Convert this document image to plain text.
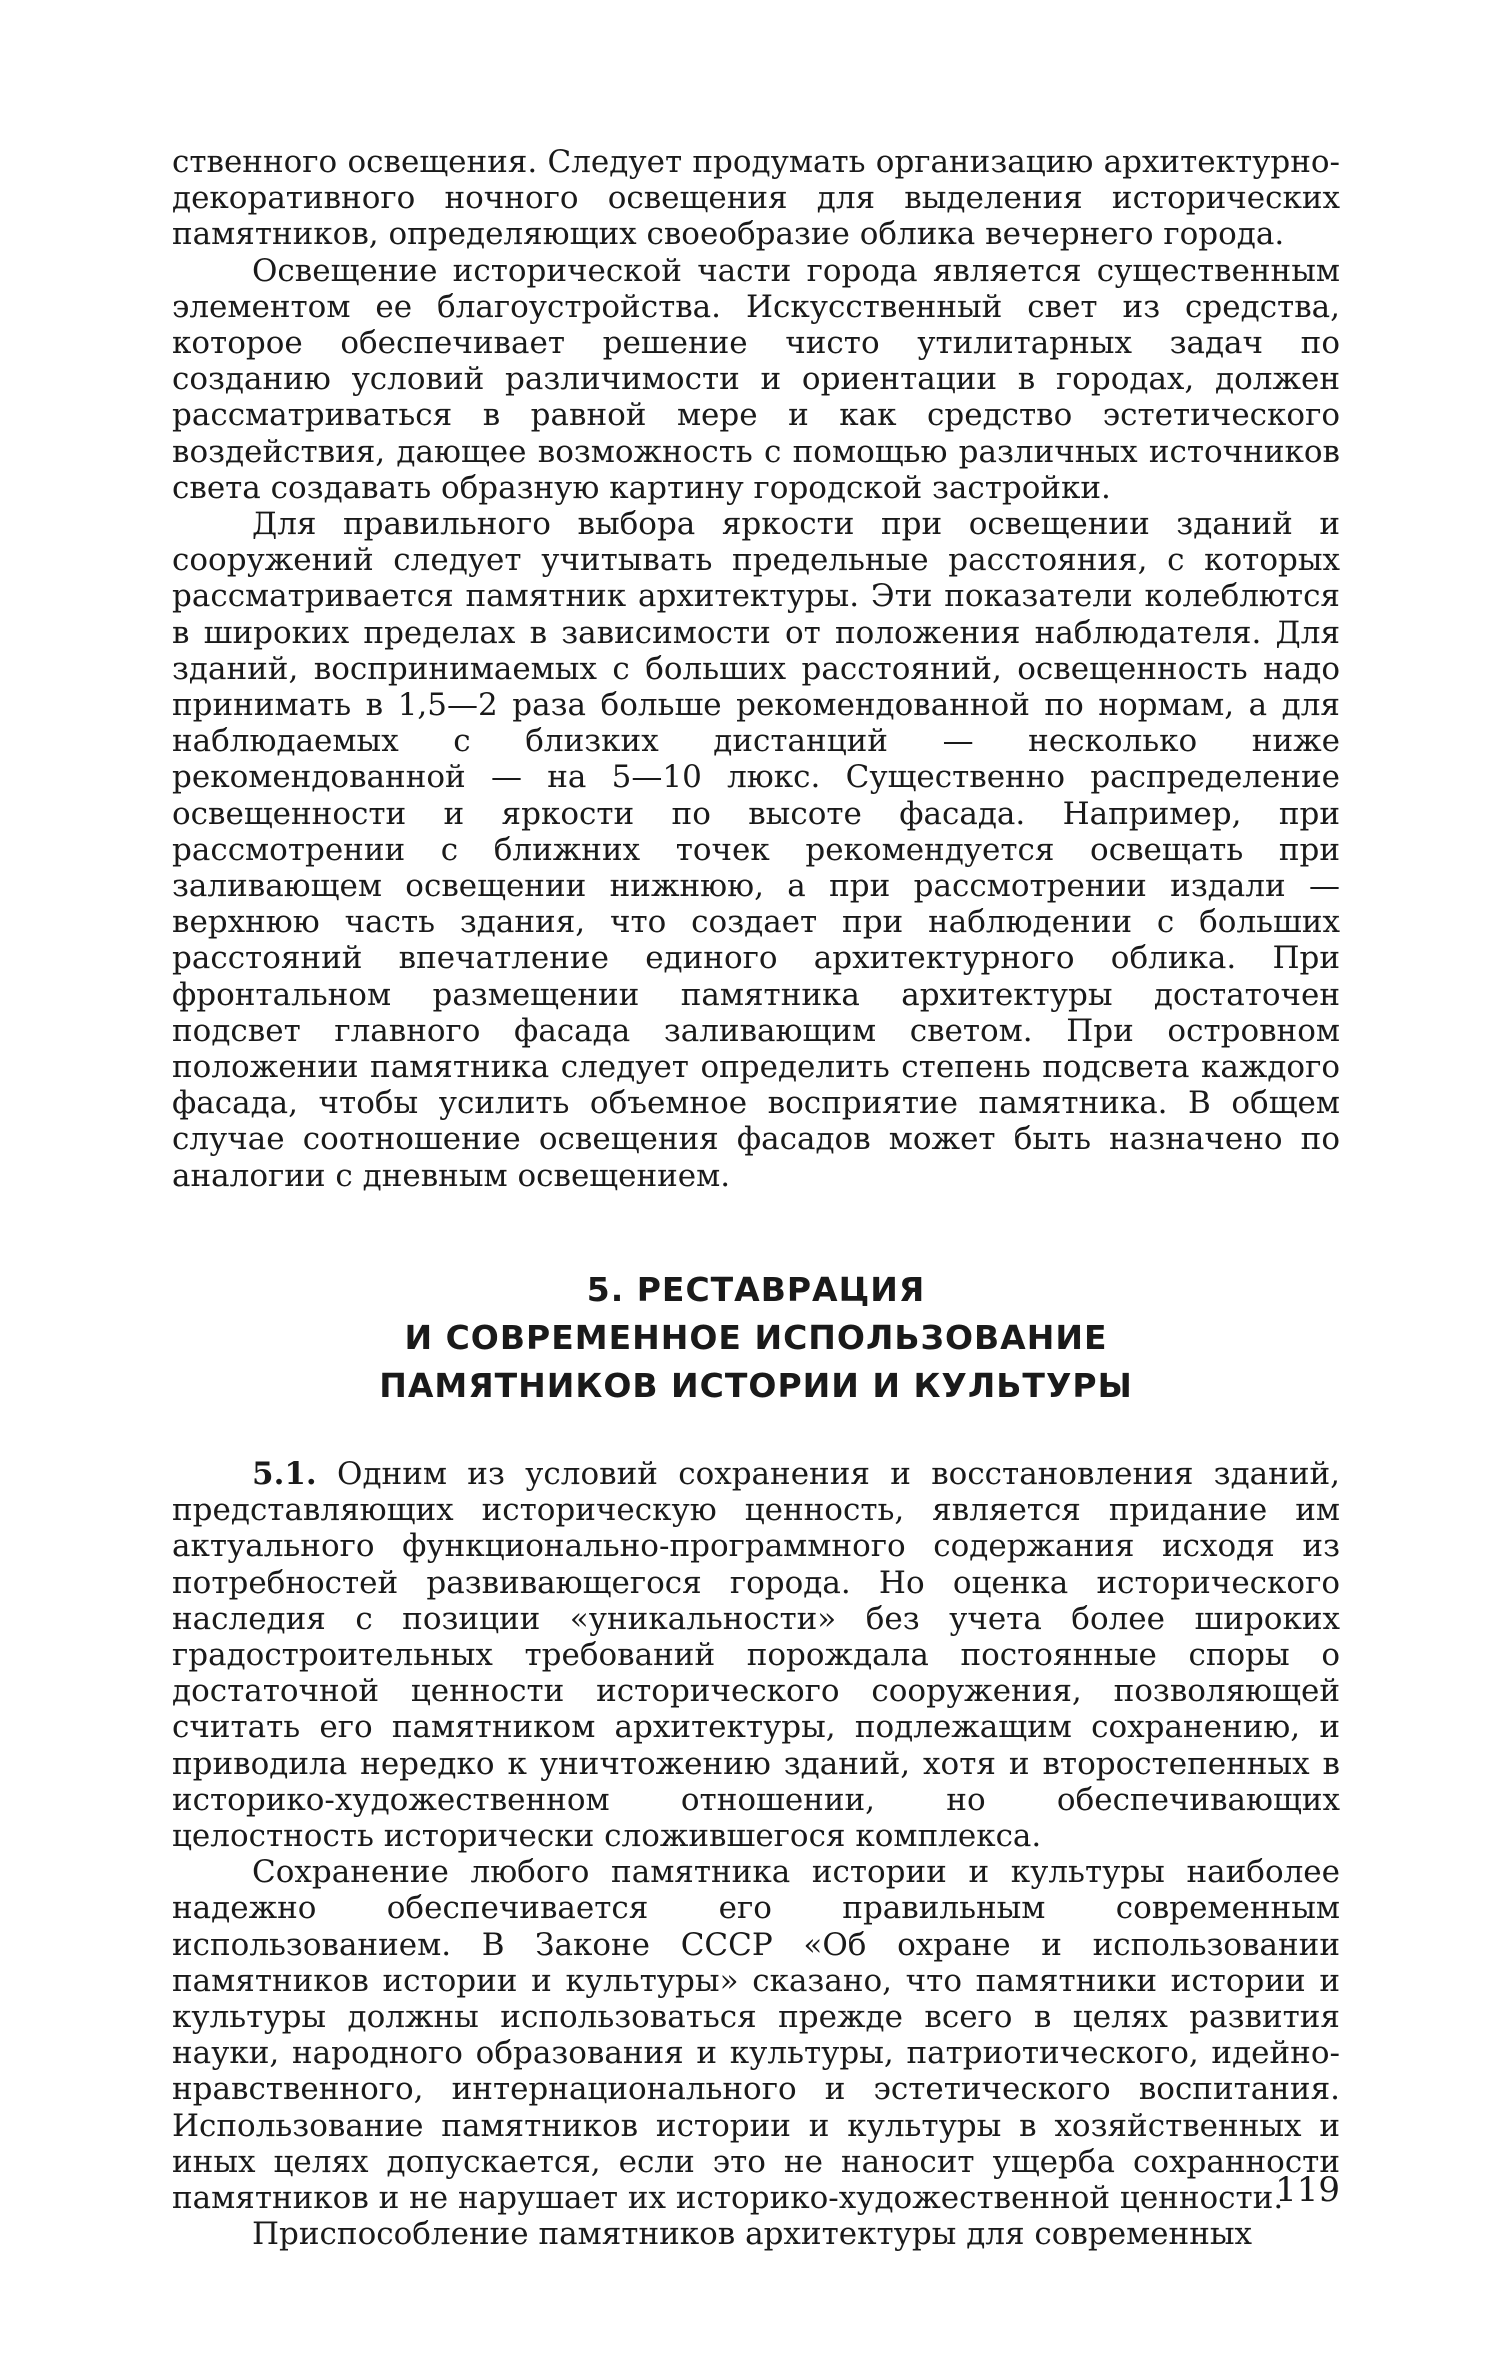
ственного освещения. Следует продумать организацию архитектурно-декоративного ночного освещения для выделения исторических памятников, определяющих своеобразие облика вечернего города.

Освещение исторической части города является существенным элементом ее благоустройства. Искусственный свет из средства, которое обеспечивает решение чисто утилитарных задач по созданию условий различимости и ориентации в городах, должен рассматриваться в равной мере и как средство эстетического воздействия, дающее возможность с помощью различных источников света создавать образную картину городской застройки.

Для правильного выбора яркости при освещении зданий и сооружений следует учитывать предельные расстояния, с которых рассматривается памятник архитектуры. Эти показатели колеблются в широких пределах в зависимости от положения наблюдателя. Для зданий, воспринимаемых с больших расстояний, освещенность надо принимать в 1,5—2 раза больше рекомендованной по нормам, а для наблюдаемых с близких дистанций — несколько ниже рекомендованной — на 5—10 люкс. Существенно распределение освещенности и яркости по высоте фасада. Например, при рассмотрении с ближних точек рекомендуется освещать при заливающем освещении нижнюю, а при рассмотрении издали — верхнюю часть здания, что создает при наблюдении с больших расстояний впечатление единого архитектурного облика. При фронтальном размещении памятника архитектуры достаточен подсвет главного фасада заливающим светом. При островном положении памятника следует определить степень подсвета каждого фасада, чтобы усилить объемное восприятие памятника. В общем случае соотношение освещения фасадов может быть назначено по аналогии с дневным освещением.

5. РЕСТАВРАЦИЯ
И СОВРЕМЕННОЕ ИСПОЛЬЗОВАНИЕ
ПАМЯТНИКОВ ИСТОРИИ И КУЛЬТУРЫ

5.1. Одним из условий сохранения и восстановления зданий, представляющих историческую ценность, является придание им актуального функционально-программного содержания исходя из потребностей развивающегося города. Но оценка исторического наследия с позиции «уникальности» без учета более широких градостроительных требований порождала постоянные споры о достаточной ценности исторического сооружения, позволяющей считать его памятником архитектуры, подлежащим сохранению, и приводила нередко к уничтожению зданий, хотя и второстепенных в историко-художественном отношении, но обеспечивающих целостность исторически сложившегося комплекса.

Сохранение любого памятника истории и культуры наиболее надежно обеспечивается его правильным современным использованием. В Законе СССР «Об охране и использовании памятников истории и культуры» сказано, что памятники истории и культуры должны использоваться прежде всего в целях развития науки, народного образования и культуры, патриотического, идейно-нравственного, интернационального и эстетического воспитания. Использование памятников истории и культуры в хозяйственных и иных целях допускается, если это не наносит ущерба сохранности памятников и не нарушает их историко-художественной ценности.

Приспособление памятников архитектуры для современных

119
